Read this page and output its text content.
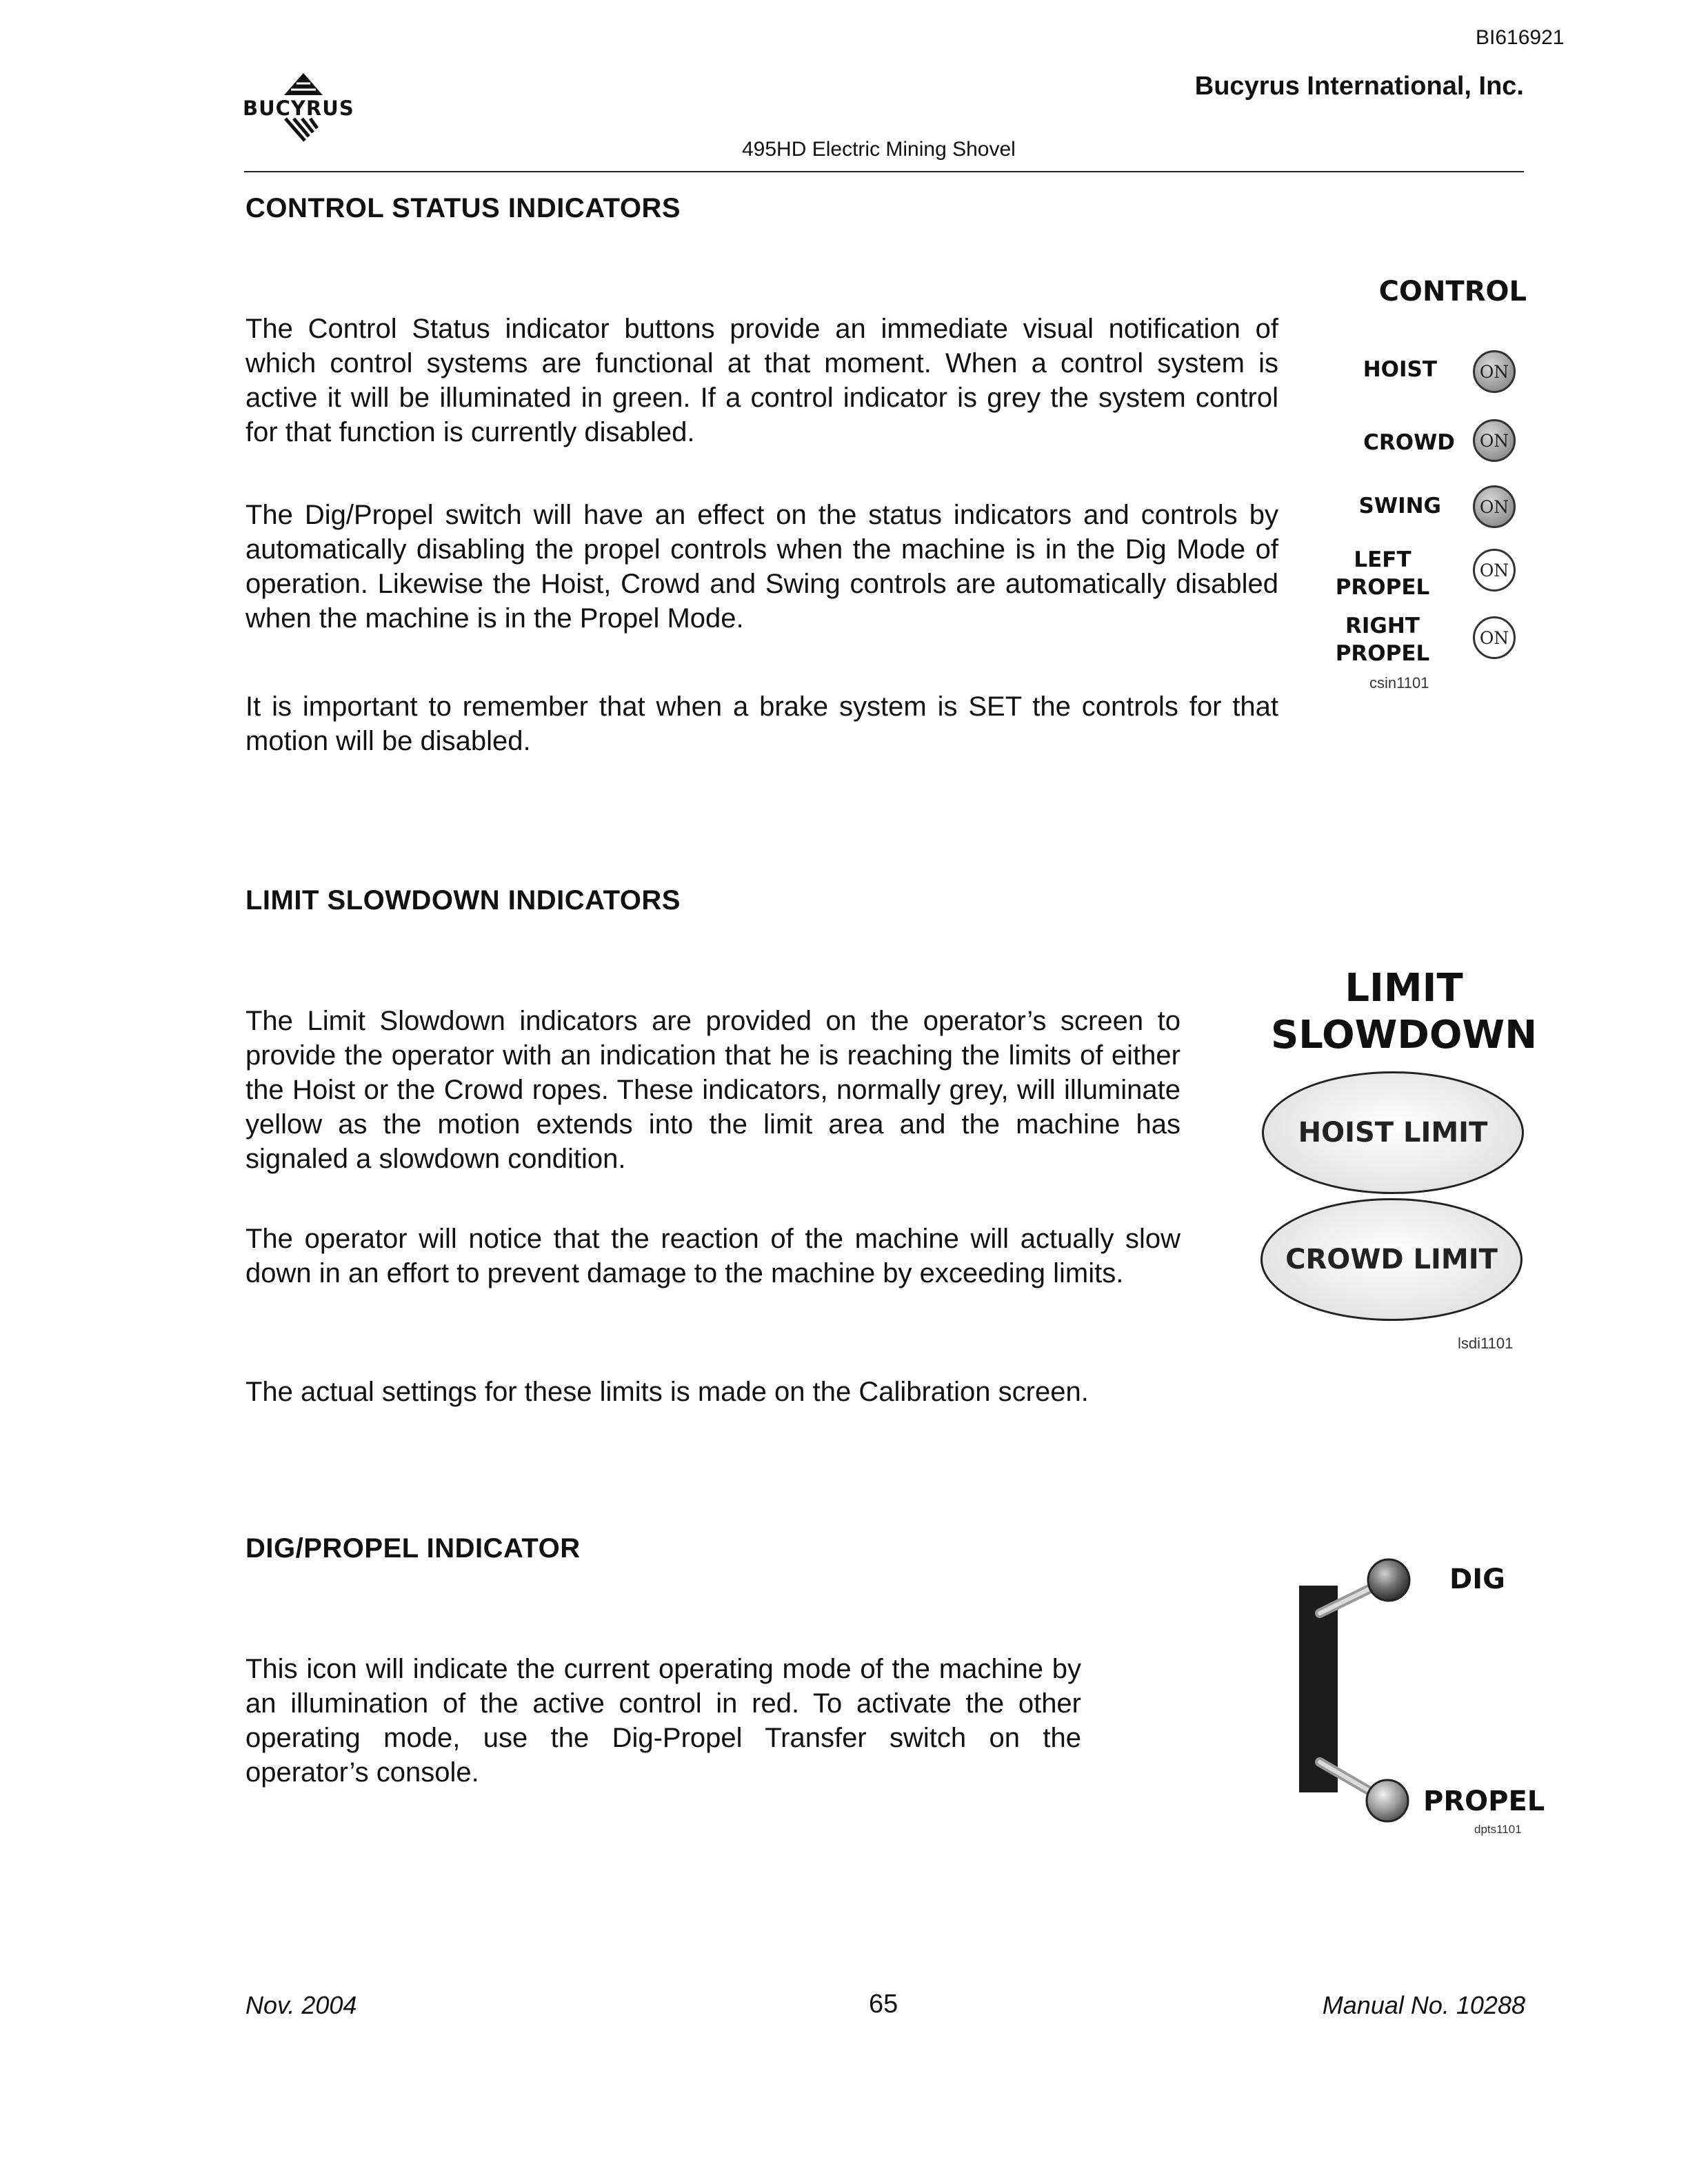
BI616921
BUCYRUS
Bucyrus International, Inc.
495HD Electric Mining Shovel
CONTROL STATUS INDICATORS

The Control Status indicator buttons provide an immediate visual notification of which control systems are functional at that moment. When a control system is active it will be illuminated in green. If a control indicator is grey the system control for that function is currently disabled.

The Dig/Propel switch will have an effect on the status indicators and controls by automatically disabling the propel controls when the machine is in the Dig Mode of operation. Likewise the Hoist, Crowd and Swing controls are automatically disabled when the machine is in the Propel Mode.

It is important to remember that when a brake system is SET the controls for that motion will be disabled.

CONTROL
HOIST	ON
CROWD	ON
SWING	ON
LEFT
PROPEL
ON
RIGHT
PROPEL
ON
csin1101
LIMIT SLOWDOWN INDICATORS

The Limit Slowdown indicators are provided on the operator’s screen to provide the operator with an indication that he is reaching the limits of either the Hoist or the Crowd ropes. These indicators, normally grey, will illuminate yellow as the motion extends into the limit area and the machine has signaled a slowdown condition.

The operator will notice that the reaction of the machine will actually slow down in an effort to prevent damage to the machine by exceeding limits.

The actual settings for these limits is made on the Calibration screen.

LIMIT
SLOWDOWN
HOIST LIMIT
CROWD LIMIT
lsdi1101
DIG/PROPEL INDICATOR

This icon will indicate the current operating mode of the machine by an illumination of the active control in red. To activate the other operating mode, use the Dig-Propel Transfer switch on the operator’s console.

DIG
PROPEL
dpts1101
Nov. 2004	65	Manual No. 10288
